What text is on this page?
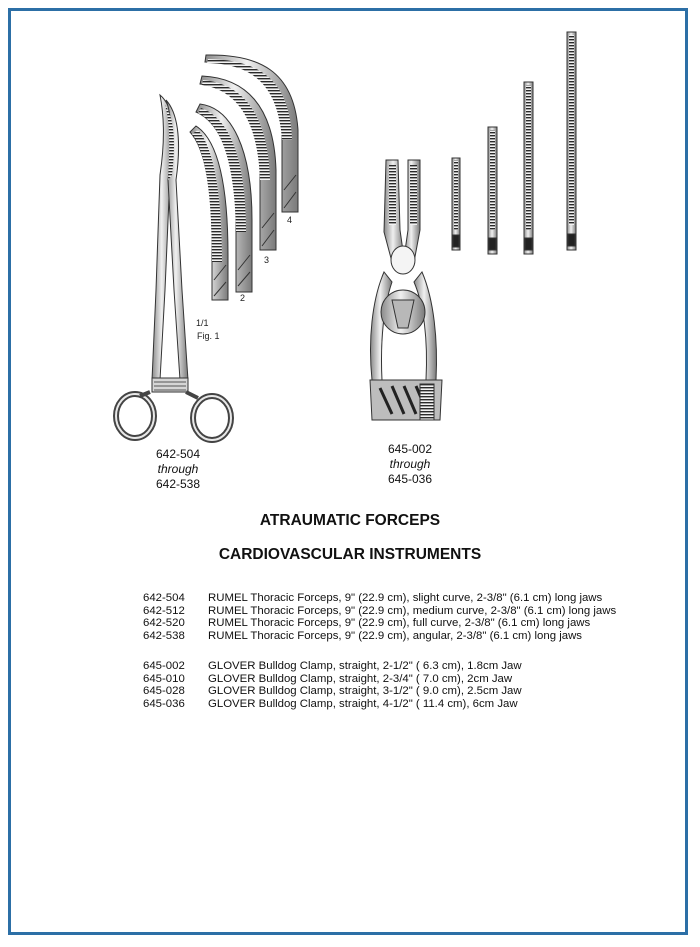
1/1
Fig. 1
2
3
4
642-504
through
642-538
645-002
through
645-036
ATRAUMATIC FORCEPS
CARDIOVASCULAR INSTRUMENTS
642-504	RUMEL Thoracic Forceps, 9" (22.9 cm), slight curve, 2-3/8" (6.1 cm) long jaws
642-512	RUMEL Thoracic Forceps, 9" (22.9 cm), medium curve, 2-3/8" (6.1 cm) long jaws
642-520	RUMEL Thoracic Forceps, 9" (22.9 cm), full curve, 2-3/8" (6.1 cm) long jaws
642-538	RUMEL Thoracic Forceps, 9" (22.9 cm), angular, 2-3/8" (6.1 cm) long jaws
645-002	GLOVER Bulldog Clamp, straight, 2-1/2" ( 6.3 cm), 1.8cm Jaw
645-010	GLOVER Bulldog Clamp, straight, 2-3/4" ( 7.0 cm), 2cm Jaw
645-028	GLOVER Bulldog Clamp, straight, 3-1/2" ( 9.0 cm), 2.5cm Jaw
645-036	GLOVER Bulldog Clamp, straight, 4-1/2" ( 11.4 cm), 6cm Jaw
